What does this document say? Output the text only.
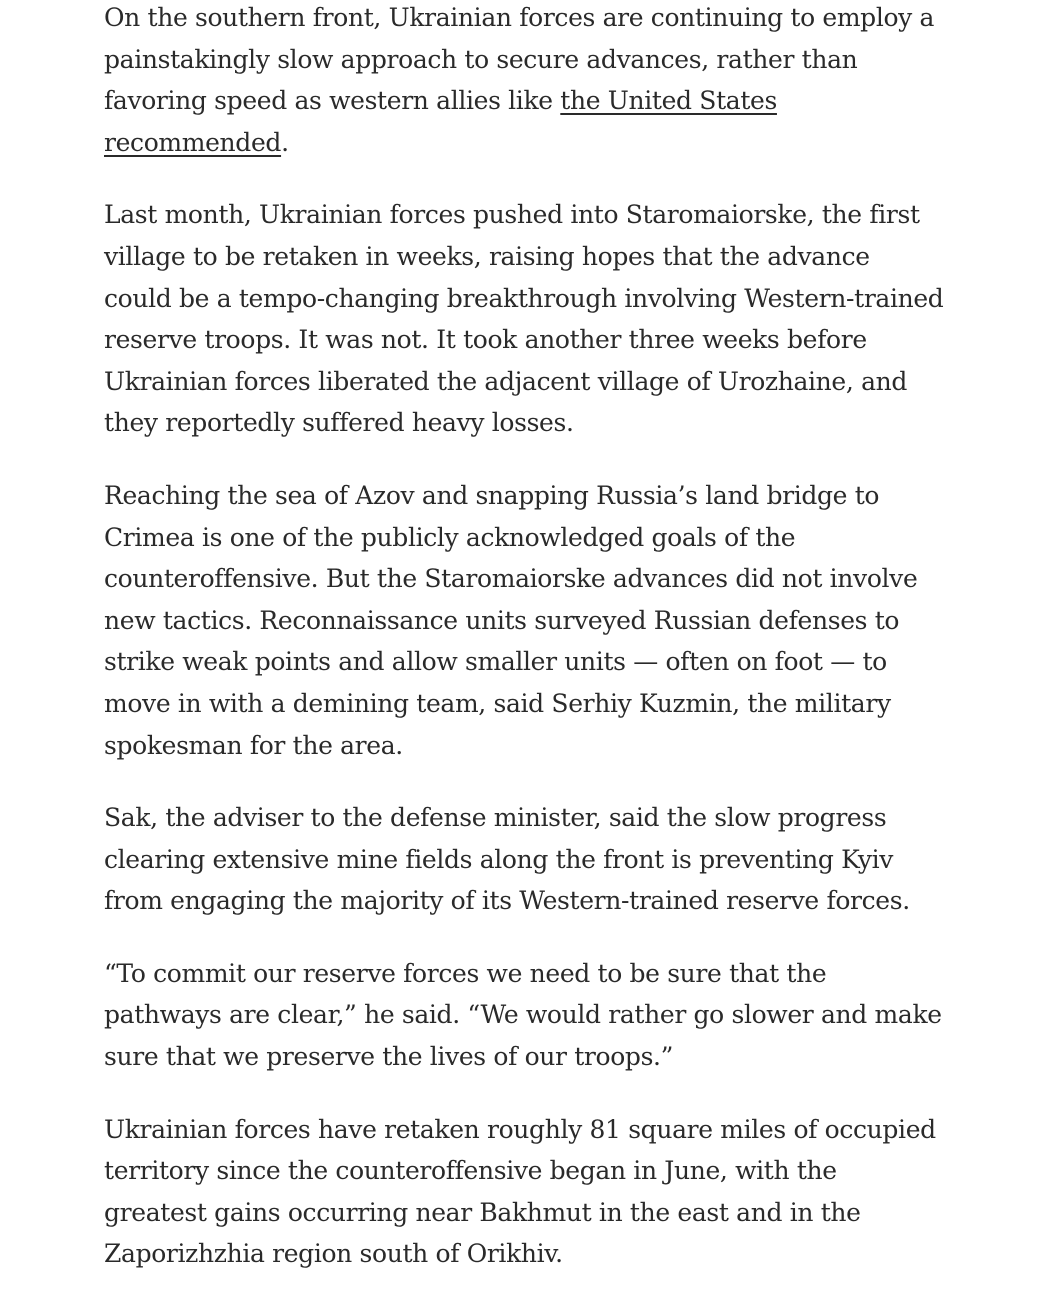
On the southern front, Ukrainian forces are continuing to employ a painstakingly slow approach to secure advances, rather than favoring speed as western allies like the United States recommended.

Last month, Ukrainian forces pushed into Staromaiorske, the first village to be retaken in weeks, raising hopes that the advance could be a tempo-changing breakthrough involving Western-trained reserve troops. It was not. It took another three weeks before Ukrainian forces liberated the adjacent village of Urozhaine, and they reportedly suffered heavy losses.

Reaching the sea of Azov and snapping Russia’s land bridge to Crimea is one of the publicly acknowledged goals of the counteroffensive. But the Staromaiorske advances did not involve new tactics. Reconnaissance units surveyed Russian defenses to strike weak points and allow smaller units — often on foot — to move in with a demining team, said Serhiy Kuzmin, the military spokesman for the area.

Sak, the adviser to the defense minister, said the slow progress clearing extensive mine fields along the front is preventing Kyiv from engaging the majority of its Western-trained reserve forces.

“To commit our reserve forces we need to be sure that the pathways are clear,” he said. “We would rather go slower and make sure that we preserve the lives of our troops.”

Ukrainian forces have retaken roughly 81 square miles of occupied territory since the counteroffensive began in June, with the greatest gains occurring near Bakhmut in the east and in the Zaporizhzhia region south of Orikhiv.
